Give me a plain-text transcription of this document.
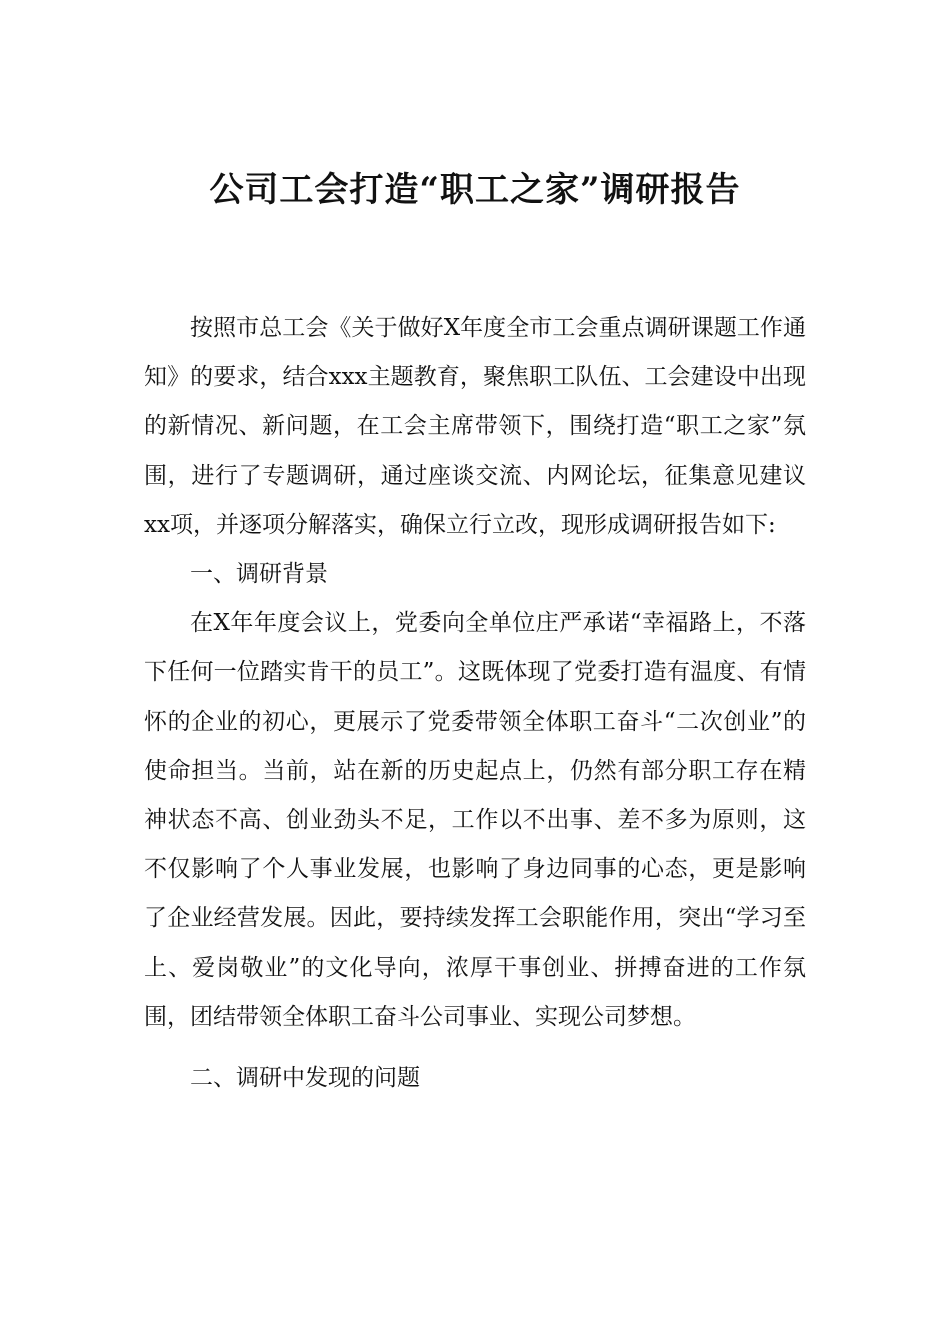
公司工会打造“职工之家”调研报告

按照市总工会《关于做好X年度全市工会重点调研课题工作通知》的要求，结合xxx主题教育，聚焦职工队伍、工会建设中出现的新情况、新问题，在工会主席带领下，围绕打造“职工之家”氛围，进行了专题调研，通过座谈交流、内网论坛，征集意见建议xx项，并逐项分解落实，确保立行立改，现形成调研报告如下:

一、调研背景

在X年年度会议上，党委向全单位庄严承诺“幸福路上，不落下任何一位踏实肯干的员工”。这既体现了党委打造有温度、有情怀的企业的初心，更展示了党委带领全体职工奋斗“二次创业”的使命担当。当前，站在新的历史起点上，仍然有部分职工存在精神状态不高、创业劲头不足，工作以不出事、差不多为原则，这不仅影响了个人事业发展，也影响了身边同事的心态，更是影响了企业经营发展。因此，要持续发挥工会职能作用，突出“学习至上、爱岗敬业”的文化导向，浓厚干事创业、拼搏奋进的工作氛围，团结带领全体职工奋斗公司事业、实现公司梦想。

二、调研中发现的问题
